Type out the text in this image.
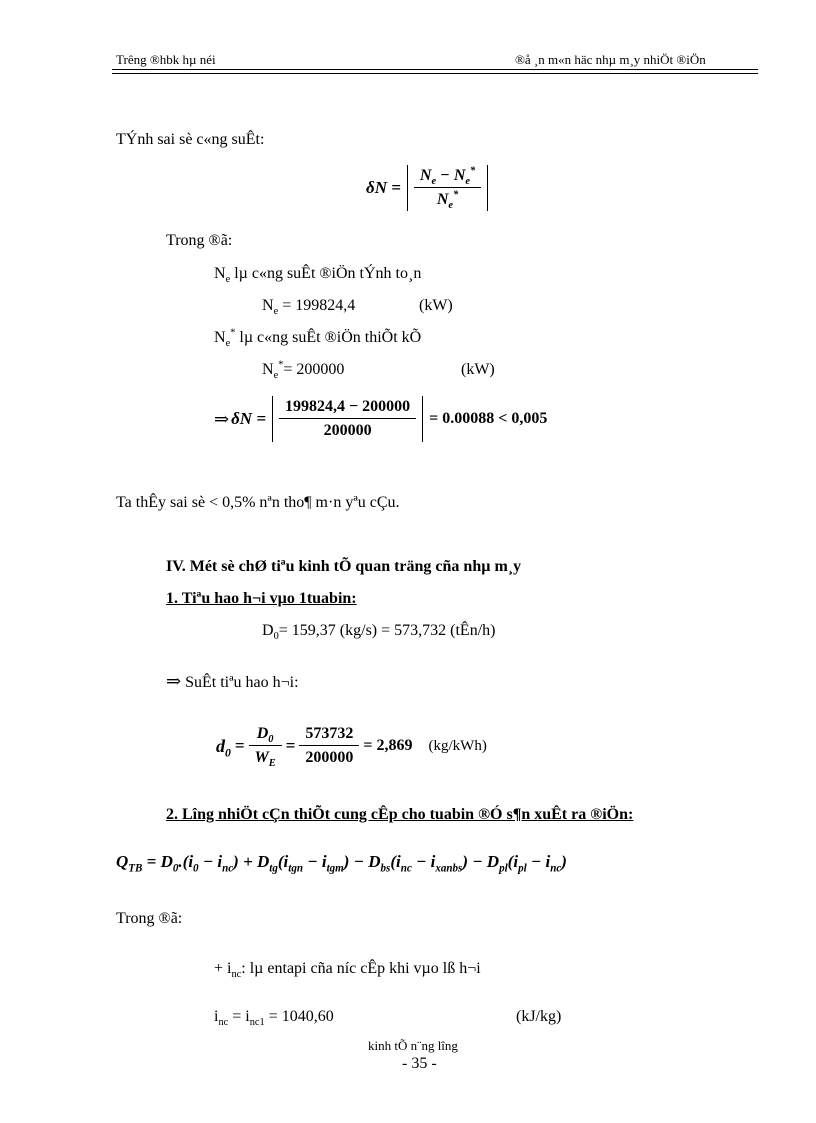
Trêng ®hbk hµ néi	®å ¸n m«n häc nhµ m¸y nhiÖt ®iÖn
TÝnh sai sè c«ng suÊt:
$\delta N = \frac{N_e - N_e^*}{N_e^*}$
Trong ®ã:
$N_e$ lµ c«ng suÊt ®iÖn tÝnh to¸n
$N_e = 199824,4$	(kW)
$N_e^*$ lµ c«ng suÊt ®iÖn thiÕt kÕ
$N_e^*= 200000$	(kW)
⇒ $\delta N = \frac{199824,4 - 200000}{200000} = 0.00088 < 0,005$
Ta thÊy sai sè < 0,5% nªn tho¶ m·n yªu cÇu.
IV. Mét sè chØ tiªu kinh tÕ quan träng cña nhµ m¸y
1. Tiªu hao h¬i vµo 1tuabin:
$D_0= 159,37$ (kg/s) = 573,732 (tÊn/h)
⇒ SuÊt tiªu hao h¬i:
$d_0 = \frac{D_0}{W_E} = \frac{573732}{200000} = 2,869$ (kg/kWh)
2. Lîng nhiÖt cÇn thiÕt cung cÊp cho tuabin ®Ó s¶n xuÊt ra ®iÖn:
$Q_{TB} = D_0.(i_0 - i_{nc}) + D_{tg}(i_{tgn} - i_{tgm}) - D_{bs}(i_{nc} - i_{xanbs}) - D_{pl}(i_{pl} - i_{nc})$
Trong ®ã:
+ $i_{nc}$: lµ entapi cña níc cÊp khi vµo lß h¬i
$i_{nc} = i_{nc1} = 1040,60$	(kJ/kg)
kinh tÕ n¨ng lîng
- 35 -
